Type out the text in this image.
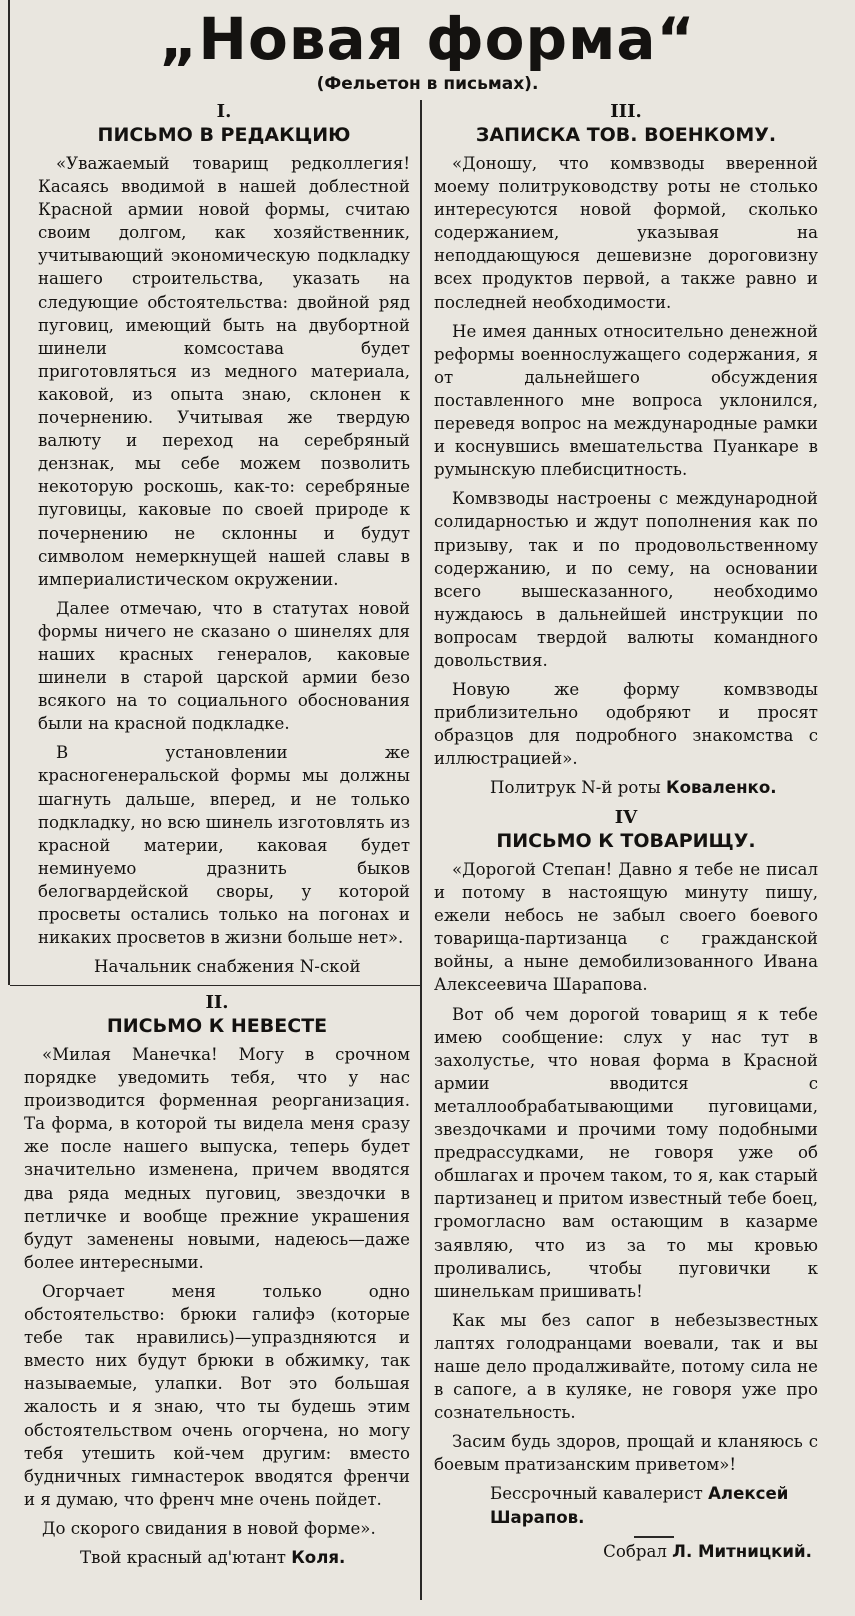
„Новая форма“
(Фельетон в письмах).
I.
ПИСЬМО В РЕДАКЦИЮ

«Уважаемый товарищ редколлегия! Касаясь вводимой в нашей доблестной Красной армии новой формы, считаю своим долгом, как хозяйственник, учитывающий экономическую подкладку нашего строительства, указать на следующие обстоятельства: двойной ряд пуговиц, имеющий быть на двубортной шинели комсостава будет приготовляться из медного материала, каковой, из опыта знаю, склонен к почернению. Учитывая же твердую валюту и переход на серебряный дензнак, мы себе можем позволить некоторую роскошь, как-то: серебряные пуговицы, каковые по своей природе к почернению не склонны и будут символом немеркнущей нашей славы в империалистическом окружении.

Далее отмечаю, что в статутах новой формы ничего не сказано о шинелях для наших красных генералов, каковые шинели в старой царской армии безо всякого на то социального обоснования были на красной подкладке.

В установлении же красногенеральской формы мы должны шагнуть дальше, вперед, и не только подкладку, но всю шинель изготовлять из красной материи, каковая будет неминуемо дразнить быков белогвардейской своры, у которой просветы остались только на погонах и никаких просветов в жизни больше нет».

Начальник снабжения N-ской
II.
ПИСЬМО К НЕВЕСТЕ

«Милая Манечка! Могу в срочном порядке уведомить тебя, что у нас производится форменная реорганизация. Та форма, в которой ты видела меня сразу же после нашего выпуска, теперь будет значительно изменена, причем вводятся два ряда медных пуговиц, звездочки в петличке и вообще прежние украшения будут заменены новыми, надеюсь—даже более интересными.

Огорчает меня только одно обстоятельство: брюки галифэ (которые тебе так нравились)—упраздняются и вместо них будут брюки в обжимку, так называемые, улапки. Вот это большая жалость и я знаю, что ты будешь этим обстоятельством очень огорчена, но могу тебя утешить кой-чем другим: вместо будничных гимнастерок вводятся френчи и я думаю, что френч мне очень пойдет.

До скорого свидания в новой форме».

Твой красный ад'ютант Коля.
III.
ЗАПИСКА ТОВ. ВОЕНКОМУ.

«Доношу, что комвзводы вверенной моему политруководству роты не столько интересуются новой формой, сколько содержанием, указывая на неподдающуюся дешевизне дороговизну всех продуктов первой, а также равно и последней необходимости.

Не имея данных относительно денежной реформы военнослужащего содержания, я от дальнейшего обсуждения поставленного мне вопроса уклонился, переведя вопрос на международные рамки и коснувшись вмешательства Пуанкаре в румынскую плебисцитность.

Комвзводы настроены с международной солидарностью и ждут пополнения как по призыву, так и по продовольственному содержанию, и по сему, на основании всего вышесказанного, необходимо нуждаюсь в дальнейшей инструкции по вопросам твердой валюты командного довольствия.

Новую же форму комвзводы приблизительно одобряют и просят образцов для подробного знакомства с иллюстрацией».

Политрук N-й роты Коваленко.
IV
ПИСЬМО К ТОВАРИЩУ.

«Дорогой Степан! Давно я тебе не писал и потому в настоящую минуту пишу, ежели небось не забыл своего боевого товарища-партизанца с гражданской войны, а ныне демобилизованного Ивана Алексеевича Шарапова.

Вот об чем дорогой товарищ я к тебе имею сообщение: слух у нас тут в захолустье, что новая форма в Красной армии вводится с металлообрабатывающими пуговицами, звездочками и прочими тому подобными предрассудками, не говоря уже об обшлагах и прочем таком, то я, как старый партизанец и притом известный тебе боец, громогласно вам остающим в казарме заявляю, что из за то мы кровью проливались, чтобы пуговички к шинелькам пришивать!

Как мы без сапог в небезызвестных лаптях голодранцами воевали, так и вы наше дело продалживайте, потому сила не в сапоге, а в куляке, не говоря уже про сознательность.

Засим будь здоров, прощай и кланяюсь с боевым пратизанским приветом»!

Бессрочный кавалерист Алексей Шарапов.
Собрал Л. Митницкий.
